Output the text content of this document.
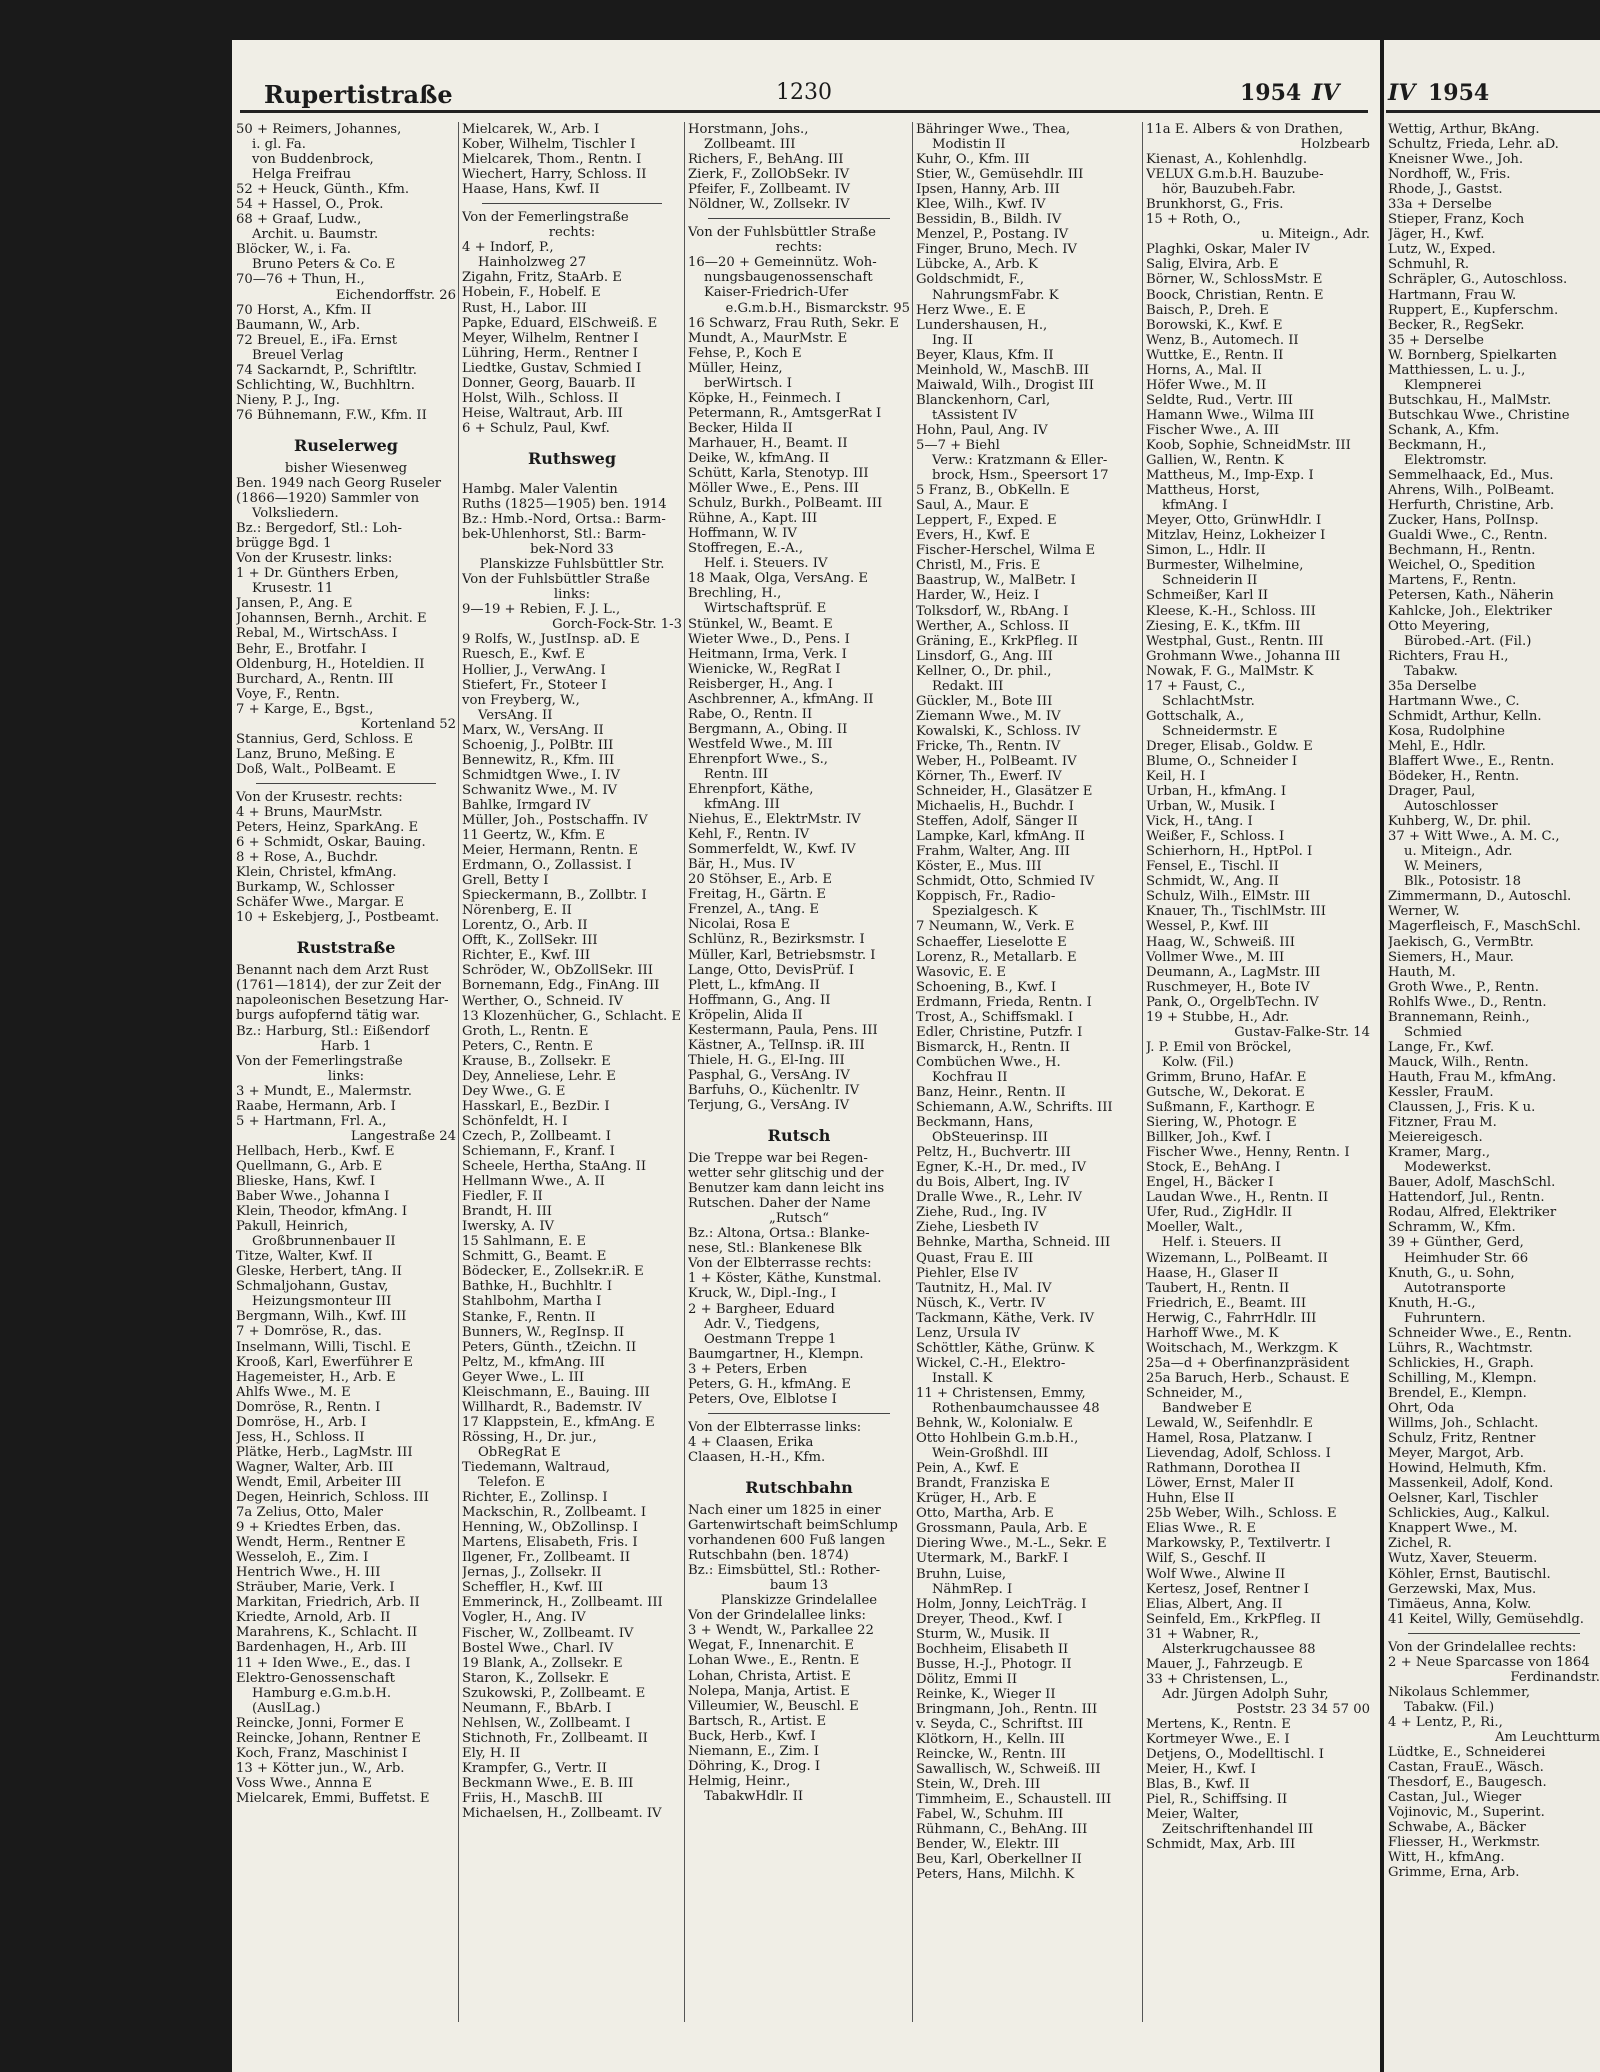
Rupertistraße	1230	1954 IV IV 1954
50 + Reimers, Johannes,
i. gl. Fa.
von Buddenbrock,
Helga Freifrau
52 + Heuck, Günth., Kfm.
54 + Hassel, O., Prok.
68 + Graaf, Ludw.,
Archit. u. Baumstr.
Blöcker, W., i. Fa.
Bruno Peters & Co. E
70—76 + Thun, H.,
Eichendorffstr. 26
70 Horst, A., Kfm. II
Baumann, W., Arb.
72 Breuel, E., iFa. Ernst
Breuel Verlag
74 Sackarndt, P., Schriftltr.
Schlichting, W., Buchhltrn.
Nieny, P. J., Ing.
76 Bühnemann, F.W., Kfm. II
Ruselerweg
bisher Wiesenweg
Ben. 1949 nach Georg Ruseler
(1866—1920) Sammler von
Volksliedern.
Bz.: Bergedorf, Stl.: Loh-
brügge Bgd. 1
Von der Krusestr. links:
1 + Dr. Günthers Erben,
Krusestr. 11
Jansen, P., Ang. E
Johannsen, Bernh., Archit. E
Rebal, M., WirtschAss. I
Behr, E., Brotfahr. I
Oldenburg, H., Hoteldien. II
Burchard, A., Rentn. III
Voye, F., Rentn.
7 + Karge, E., Bgst.,
Kortenland 52
Stannius, Gerd, Schloss. E
Lanz, Bruno, Meßing. E
Doß, Walt., PolBeamt. E
Von der Krusestr. rechts:
4 + Bruns, MaurMstr.
Peters, Heinz, SparkAng. E
6 + Schmidt, Oskar, Bauing.
8 + Rose, A., Buchdr.
Klein, Christel, kfmAng.
Burkamp, W., Schlosser
Schäfer Wwe., Margar. E
10 + Eskebjerg, J., Postbeamt.
Ruststraße
Benannt nach dem Arzt Rust
(1761—1814), der zur Zeit der
napoleonischen Besetzung Har-
burgs aufopfernd tätig war.
Bz.: Harburg, Stl.: Eißendorf
Harb. 1
Von der Femerlingstraße
links:
3 + Mundt, E., Malermstr.
Raabe, Hermann, Arb. I
5 + Hartmann, Frl. A.,
Langestraße 24
Hellbach, Herb., Kwf. E
Quellmann, G., Arb. E
Blieske, Hans, Kwf. I
Baber Wwe., Johanna I
Klein, Theodor, kfmAng. I
Pakull, Heinrich,
Großbrunnenbauer II
Titze, Walter, Kwf. II
Gleske, Herbert, tAng. II
Schmaljohann, Gustav,
Heizungsmonteur III
Bergmann, Wilh., Kwf. III
7 + Domröse, R., das.
Inselmann, Willi, Tischl. E
Krooß, Karl, Ewerführer E
Hagemeister, H., Arb. E
Ahlfs Wwe., M. E
Domröse, R., Rentn. I
Domröse, H., Arb. I
Jess, H., Schloss. II
Plätke, Herb., LagMstr. III
Wagner, Walter, Arb. III
Wendt, Emil, Arbeiter III
Degen, Heinrich, Schloss. III
7a Zelius, Otto, Maler
9 + Kriedtes Erben, das.
Wendt, Herm., Rentner E
Wesseloh, E., Zim. I
Hentrich Wwe., H. III
Sträuber, Marie, Verk. I
Markitan, Friedrich, Arb. II
Kriedte, Arnold, Arb. II
Marahrens, K., Schlacht. II
Bardenhagen, H., Arb. III
11 + Iden Wwe., E., das. I
Elektro-Genossenschaft
Hamburg e.G.m.b.H.
(AuslLag.)
Reincke, Jonni, Former E
Reincke, Johann, Rentner E
Koch, Franz, Maschinist I
13 + Kötter jun., W., Arb.
Voss Wwe., Annna E
Mielcarek, Emmi, Buffetst. E
Mielcarek, W., Arb. I
Kober, Wilhelm, Tischler I
Mielcarek, Thom., Rentn. I
Wiechert, Harry, Schloss. II
Haase, Hans, Kwf. II
Von der Femerlingstraße
rechts:
4 + Indorf, P.,
Hainholzweg 27
Zigahn, Fritz, StaArb. E
Hobein, F., Hobelf. E
Rust, H., Labor. III
Papke, Eduard, ElSchweiß. E
Meyer, Wilhelm, Rentner I
Lühring, Herm., Rentner I
Liedtke, Gustav, Schmied I
Donner, Georg, Bauarb. II
Holst, Wilh., Schloss. II
Heise, Waltraut, Arb. III
6 + Schulz, Paul, Kwf.
Ruthsweg
Hambg. Maler Valentin
Ruths (1825—1905) ben. 1914
Bz.: Hmb.-Nord, Ortsa.: Barm-
bek-Uhlenhorst, Stl.: Barm-
bek-Nord 33
Planskizze Fuhlsbüttler Str.
Von der Fuhlsbüttler Straße
links:
9—19 + Rebien, F. J. L.,
Gorch-Fock-Str. 1-3
9 Rolfs, W., JustInsp. aD. E
Ruesch, E., Kwf. E
Hollier, J., VerwAng. I
Stiefert, Fr., Stoteer I
von Freyberg, W.,
VersAng. II
Marx, W., VersAng. II
Schoenig, J., PolBtr. III
Bennewitz, R., Kfm. III
Schmidtgen Wwe., I. IV
Schwanitz Wwe., M. IV
Bahlke, Irmgard IV
Müller, Joh., Postschaffn. IV
11 Geertz, W., Kfm. E
Meier, Hermann, Rentn. E
Erdmann, O., Zollassist. I
Grell, Betty I
Spieckermann, B., Zollbtr. I
Nörenberg, E. II
Lorentz, O., Arb. II
Offt, K., ZollSekr. III
Richter, E., Kwf. III
Schröder, W., ObZollSekr. III
Bornemann, Edg., FinAng. III
Werther, O., Schneid. IV
13 Klozenhücher, G., Schlacht. E
Groth, L., Rentn. E
Peters, C., Rentn. E
Krause, B., Zollsekr. E
Dey, Anneliese, Lehr. E
Dey Wwe., G. E
Hasskarl, E., BezDir. I
Schönfeldt, H. I
Czech, P., Zollbeamt. I
Schiemann, F., Kranf. I
Scheele, Hertha, StaAng. II
Hellmann Wwe., A. II
Fiedler, F. II
Brandt, H. III
Iwersky, A. IV
15 Sahlmann, E. E
Schmitt, G., Beamt. E
Bödecker, E., Zollsekr.iR. E
Bathke, H., Buchhltr. I
Stahlbohm, Martha I
Stanke, F., Rentn. II
Bunners, W., RegInsp. II
Peters, Günth., tZeichn. II
Peltz, M., kfmAng. III
Geyer Wwe., L. III
Kleischmann, E., Bauing. III
Willhardt, R., Bademstr. IV
17 Klappstein, E., kfmAng. E
Rössing, H., Dr. jur.,
ObRegRat E
Tiedemann, Waltraud,
Telefon. E
Richter, E., Zollinsp. I
Mackschin, R., Zollbeamt. I
Henning, W., ObZollinsp. I
Martens, Elisabeth, Fris. I
Ilgener, Fr., Zollbeamt. II
Jernas, J., Zollsekr. II
Scheffler, H., Kwf. III
Emmerinck, H., Zollbeamt. III
Vogler, H., Ang. IV
Fischer, W., Zollbeamt. IV
Bostel Wwe., Charl. IV
19 Blank, A., Zollsekr. E
Staron, K., Zollsekr. E
Szukowski, P., Zollbeamt. E
Neumann, F., BbArb. I
Nehlsen, W., Zollbeamt. I
Stichnoth, Fr., Zollbeamt. II
Ely, H. II
Krampfer, G., Vertr. II
Beckmann Wwe., E. B. III
Friis, H., MaschB. III
Michaelsen, H., Zollbeamt. IV
Horstmann, Johs.,
Zollbeamt. III
Richers, F., BehAng. III
Zierk, F., ZollObSekr. IV
Pfeifer, F., Zollbeamt. IV
Nöldner, W., Zollsekr. IV
Von der Fuhlsbüttler Straße
rechts:
16—20 + Gemeinnütz. Woh-
nungsbaugenossenschaft
Kaiser-Friedrich-Ufer
e.G.m.b.H., Bismarckstr. 95
16 Schwarz, Frau Ruth, Sekr. E
Mundt, A., MaurMstr. E
Fehse, P., Koch E
Müller, Heinz,
berWirtsch. I
Köpke, H., Feinmech. I
Petermann, R., AmtsgerRat I
Becker, Hilda II
Marhauer, H., Beamt. II
Deike, W., kfmAng. II
Schütt, Karla, Stenotyp. III
Möller Wwe., E., Pens. III
Schulz, Burkh., PolBeamt. III
Rühne, A., Kapt. III
Hoffmann, W. IV
Stoffregen, E.-A.,
Helf. i. Steuers. IV
18 Maak, Olga, VersAng. E
Brechling, H.,
Wirtschaftsprüf. E
Stünkel, W., Beamt. E
Wieter Wwe., D., Pens. I
Heitmann, Irma, Verk. I
Wienicke, W., RegRat I
Reisberger, H., Ang. I
Aschbrenner, A., kfmAng. II
Rabe, O., Rentn. II
Bergmann, A., Obing. II
Westfeld Wwe., M. III
Ehrenpfort Wwe., S.,
Rentn. III
Ehrenpfort, Käthe,
kfmAng. III
Niehus, E., ElektrMstr. IV
Kehl, F., Rentn. IV
Sommerfeldt, W., Kwf. IV
Bär, H., Mus. IV
20 Stöhser, E., Arb. E
Freitag, H., Gärtn. E
Frenzel, A., tAng. E
Nicolai, Rosa E
Schlünz, R., Bezirksmstr. I
Müller, Karl, Betriebsmstr. I
Lange, Otto, DevisPrüf. I
Plett, L., kfmAng. II
Hoffmann, G., Ang. II
Kröpelin, Alida II
Kestermann, Paula, Pens. III
Kästner, A., TelInsp. iR. III
Thiele, H. G., El-Ing. III
Pasphal, G., VersAng. IV
Barfuhs, O., Küchenltr. IV
Terjung, G., VersAng. IV
Rutsch
Die Treppe war bei Regen-
wetter sehr glitschig und der
Benutzer kam dann leicht ins
Rutschen. Daher der Name
„Rutsch“
Bz.: Altona, Ortsa.: Blanke-
nese, Stl.: Blankenese Blk
Von der Elbterrasse rechts:
1 + Köster, Käthe, Kunstmal.
Kruck, W., Dipl.-Ing., I
2 + Bargheer, Eduard
Adr. V., Tiedgens,
Oestmann Treppe 1
Baumgartner, H., Klempn.
3 + Peters, Erben
Peters, G. H., kfmAng. E
Peters, Ove, Elblotse I
Von der Elbterrasse links:
4 + Claasen, Erika
Claasen, H.-H., Kfm.
Rutschbahn
Nach einer um 1825 in einer
Gartenwirtschaft beimSchlump
vorhandenen 600 Fuß langen
Rutschbahn (ben. 1874)
Bz.: Eimsbüttel, Stl.: Rother-
baum 13
Planskizze Grindelallee
Von der Grindelallee links:
3 + Wendt, W., Parkallee 22
Wegat, F., Innenarchit. E
Lohan Wwe., E., Rentn. E
Lohan, Christa, Artist. E
Nolepa, Manja, Artist. E
Villeumier, W., Beuschl. E
Bartsch, R., Artist. E
Buck, Herb., Kwf. I
Niemann, E., Zim. I
Döhring, K., Drog. I
Helmig, Heinr.,
TabakwHdlr. II
Bähringer Wwe., Thea,
Modistin II
Kuhr, O., Kfm. III
Stier, W., Gemüsehdlr. III
Ipsen, Hanny, Arb. III
Klee, Wilh., Kwf. IV
Bessidin, B., Bildh. IV
Menzel, P., Postang. IV
Finger, Bruno, Mech. IV
Lübcke, A., Arb. K
Goldschmidt, F.,
NahrungsmFabr. K
Herz Wwe., E. E
Lundershausen, H.,
Ing. II
Beyer, Klaus, Kfm. II
Meinhold, W., MaschB. III
Maiwald, Wilh., Drogist III
Blanckenhorn, Carl,
tAssistent IV
Hohn, Paul, Ang. IV
5—7 + Biehl
Verw.: Kratzmann & Eller-
brock, Hsm., Speersort 17
5 Franz, B., ObKelln. E
Saul, A., Maur. E
Leppert, F., Exped. E
Evers, H., Kwf. E
Fischer-Herschel, Wilma E
Christl, M., Fris. E
Baastrup, W., MalBetr. I
Harder, W., Heiz. I
Tolksdorf, W., RbAng. I
Werther, A., Schloss. II
Gräning, E., KrkPfleg. II
Linsdorf, G., Ang. III
Kellner, O., Dr. phil.,
Redakt. III
Gückler, M., Bote III
Ziemann Wwe., M. IV
Kowalski, K., Schloss. IV
Fricke, Th., Rentn. IV
Weber, H., PolBeamt. IV
Körner, Th., Ewerf. IV
Schneider, H., Glasätzer E
Michaelis, H., Buchdr. I
Steffen, Adolf, Sänger II
Lampke, Karl, kfmAng. II
Frahm, Walter, Ang. III
Köster, E., Mus. III
Schmidt, Otto, Schmied IV
Koppisch, Fr., Radio-
Spezialgesch. K
7 Neumann, W., Verk. E
Schaeffer, Lieselotte E
Lorenz, R., Metallarb. E
Wasovic, E. E
Schoening, B., Kwf. I
Erdmann, Frieda, Rentn. I
Trost, A., Schiffsmakl. I
Edler, Christine, Putzfr. I
Bismarck, H., Rentn. II
Combüchen Wwe., H.
Kochfrau II
Banz, Heinr., Rentn. II
Schiemann, A.W., Schrifts. III
Beckmann, Hans,
ObSteuerinsp. III
Peltz, H., Buchvertr. III
Egner, K.-H., Dr. med., IV
du Bois, Albert, Ing. IV
Dralle Wwe., R., Lehr. IV
Ziehe, Rud., Ing. IV
Ziehe, Liesbeth IV
Behnke, Martha, Schneid. III
Quast, Frau E. III
Piehler, Else IV
Tautnitz, H., Mal. IV
Nüsch, K., Vertr. IV
Tackmann, Käthe, Verk. IV
Lenz, Ursula IV
Schöttler, Käthe, Grünw. K
Wickel, C.-H., Elektro-
Install. K
11 + Christensen, Emmy,
Rothenbaumchaussee 48
Behnk, W., Kolonialw. E
Otto Hohlbein G.m.b.H.,
Wein-Großhdl. III
Pein, A., Kwf. E
Brandt, Franziska E
Krüger, H., Arb. E
Otto, Martha, Arb. E
Grossmann, Paula, Arb. E
Diering Wwe., M.-L., Sekr. E
Utermark, M., BarkF. I
Bruhn, Luise,
NähmRep. I
Holm, Jonny, LeichTräg. I
Dreyer, Theod., Kwf. I
Sturm, W., Musik. II
Bochheim, Elisabeth II
Busse, H.-J., Photogr. II
Dölitz, Emmi II
Reinke, K., Wieger II
Bringmann, Joh., Rentn. III
v. Seyda, C., Schriftst. III
Klötkorn, H., Kelln. III
Reincke, W., Rentn. III
Sawallisch, W., Schweiß. III
Stein, W., Dreh. III
Timmheim, E., Schaustell. III
Fabel, W., Schuhm. III
Rühmann, C., BehAng. III
Bender, W., Elektr. III
Beu, Karl, Oberkellner II
Peters, Hans, Milchh. K
11a E. Albers & von Drathen,
Holzbearb
Kienast, A., Kohlenhdlg.
VELUX G.m.b.H. Bauzube-
hör, Bauzubeh.Fabr.
Brunkhorst, G., Fris.
15 + Roth, O.,
u. Miteign., Adr.
Plaghki, Oskar, Maler IV
Salig, Elvira, Arb. E
Börner, W., SchlossMstr. E
Boock, Christian, Rentn. E
Baisch, P., Dreh. E
Borowski, K., Kwf. E
Wenz, B., Automech. II
Wuttke, E., Rentn. II
Horns, A., Mal. II
Höfer Wwe., M. II
Seldte, Rud., Vertr. III
Hamann Wwe., Wilma III
Fischer Wwe., A. III
Koob, Sophie, SchneidMstr. III
Gallien, W., Rentn. K
Mattheus, M., Imp-Exp. I
Mattheus, Horst,
kfmAng. I
Meyer, Otto, GrünwHdlr. I
Mitzlav, Heinz, Lokheizer I
Simon, L., Hdlr. II
Burmester, Wilhelmine,
Schneiderin II
Schmeißer, Karl II
Kleese, K.-H., Schloss. III
Ziesing, E. K., tKfm. III
Westphal, Gust., Rentn. III
Grohmann Wwe., Johanna III
Nowak, F. G., MalMstr. K
17 + Faust, C.,
SchlachtMstr.
Gottschalk, A.,
Schneidermstr. E
Dreger, Elisab., Goldw. E
Blume, O., Schneider I
Keil, H. I
Urban, H., kfmAng. I
Urban, W., Musik. I
Vick, H., tAng. I
Weißer, F., Schloss. I
Schierhorn, H., HptPol. I
Fensel, E., Tischl. II
Schmidt, W., Ang. II
Schulz, Wilh., ElMstr. III
Knauer, Th., TischlMstr. III
Wessel, P., Kwf. III
Haag, W., Schweiß. III
Vollmer Wwe., M. III
Deumann, A., LagMstr. III
Ruschmeyer, H., Bote IV
Pank, O., OrgelbTechn. IV
19 + Stubbe, H., Adr.
Gustav-Falke-Str. 14
J. P. Emil von Bröckel,
Kolw. (Fil.)
Grimm, Bruno, HafAr. E
Gutsche, W., Dekorat. E
Sußmann, F., Karthogr. E
Siering, W., Photogr. E
Billker, Joh., Kwf. I
Fischer Wwe., Henny, Rentn. I
Stock, E., BehAng. I
Engel, H., Bäcker I
Laudan Wwe., H., Rentn. II
Ufer, Rud., ZigHdlr. II
Moeller, Walt.,
Helf. i. Steuers. II
Wizemann, L., PolBeamt. II
Haase, H., Glaser II
Taubert, H., Rentn. II
Friedrich, E., Beamt. III
Herwig, C., FahrrHdlr. III
Harhoff Wwe., M. K
Woitschach, M., Werkzgm. K
25a—d + Oberfinanzpräsident
25a Baruch, Herb., Schaust. E
Schneider, M.,
Bandweber E
Lewald, W., Seifenhdlr. E
Hamel, Rosa, Platzanw. I
Lievendag, Adolf, Schloss. I
Rathmann, Dorothea II
Löwer, Ernst, Maler II
Huhn, Else II
25b Weber, Wilh., Schloss. E
Elias Wwe., R. E
Markowsky, P., Textilvertr. I
Wilf, S., Geschf. II
Wolf Wwe., Alwine II
Kertesz, Josef, Rentner I
Elias, Albert, Ang. II
Seinfeld, Em., KrkPfleg. II
31 + Wabner, R.,
Alsterkrugchaussee 88
Mauer, J., Fahrzeugb. E
33 + Christensen, L.,
Adr. Jürgen Adolph Suhr,
Poststr. 23 34 57 00
Mertens, K., Rentn. E
Kortmeyer Wwe., E. I
Detjens, O., Modelltischl. I
Meier, H., Kwf. I
Blas, B., Kwf. II
Piel, R., Schiffsing. II
Meier, Walter,
Zeitschriftenhandel III
Schmidt, Max, Arb. III
Wettig, Arthur, BkAng.
Schultz, Frieda, Lehr. aD.
Kneisner Wwe., Joh.
Nordhoff, W., Fris.
Rhode, J., Gastst.
33a + Derselbe
Stieper, Franz, Koch
Jäger, H., Kwf.
Lutz, W., Exped.
Schmuhl, R.
Schräpler, G., Autoschloss.
Hartmann, Frau W.
Ruppert, E., Kupferschm.
Becker, R., RegSekr.
35 + Derselbe
W. Bornberg, Spielkarten
Matthiessen, L. u. J.,
Klempnerei
Butschkau, H., MalMstr.
Butschkau Wwe., Christine
Schank, A., Kfm.
Beckmann, H.,
Elektromstr.
Semmelhaack, Ed., Mus.
Ahrens, Wilh., PolBeamt.
Herfurth, Christine, Arb.
Zucker, Hans, PolInsp.
Gualdi Wwe., C., Rentn.
Bechmann, H., Rentn.
Weichel, O., Spedition
Martens, F., Rentn.
Petersen, Kath., Näherin
Kahlcke, Joh., Elektriker
Otto Meyering,
Bürobed.-Art. (Fil.)
Richters, Frau H.,
Tabakw.
35a Derselbe
Hartmann Wwe., C.
Schmidt, Arthur, Kelln.
Kosa, Rudolphine
Mehl, E., Hdlr.
Blaffert Wwe., E., Rentn.
Bödeker, H., Rentn.
Drager, Paul,
Autoschlosser
Kuhberg, W., Dr. phil.
37 + Witt Wwe., A. M. C.,
u. Miteign., Adr.
W. Meiners,
Blk., Potosistr. 18
Zimmermann, D., Autoschl.
Werner, W.
Magerfleisch, F., MaschSchl.
Jaekisch, G., VermBtr.
Siemers, H., Maur.
Hauth, M.
Groth Wwe., P., Rentn.
Rohlfs Wwe., D., Rentn.
Brannemann, Reinh.,
Schmied
Lange, Fr., Kwf.
Mauck, Wilh., Rentn.
Hauth, Frau M., kfmAng.
Kessler, FrauM.
Claussen, J., Fris. K u.
Fitzner, Frau M.
Meiereigesch.
Kramer, Marg.,
Modewerkst.
Bauer, Adolf, MaschSchl.
Hattendorf, Jul., Rentn.
Rodau, Alfred, Elektriker
Schramm, W., Kfm.
39 + Günther, Gerd,
Heimhuder Str. 66
Knuth, G., u. Sohn,
Autotransporte
Knuth, H.-G.,
Fuhruntern.
Schneider Wwe., E., Rentn.
Lührs, R., Wachtmstr.
Schlickies, H., Graph.
Schilling, M., Klempn.
Brendel, E., Klempn.
Ohrt, Oda
Willms, Joh., Schlacht.
Schulz, Fritz, Rentner
Meyer, Margot, Arb.
Howind, Helmuth, Kfm.
Massenkeil, Adolf, Kond.
Oelsner, Karl, Tischler
Schlickies, Aug., Kalkul.
Knappert Wwe., M.
Zichel, R.
Wutz, Xaver, Steuerm.
Köhler, Ernst, Bautischl.
Gerzewski, Max, Mus.
Timäeus, Anna, Kolw.
41 Keitel, Willy, Gemüsehdlg.
Von der Grindelallee rechts:
2 + Neue Sparcasse von 1864
Ferdinandstr.
Nikolaus Schlemmer,
Tabakw. (Fil.)
4 + Lentz, P., Ri.,
Am Leuchtturm
Lüdtke, E., Schneiderei
Castan, FrauE., Wäsch.
Thesdorf, E., Baugesch.
Castan, Jul., Wieger
Vojinovic, M., Superint.
Schwabe, A., Bäcker
Fliesser, H., Werkmstr.
Witt, H., kfmAng.
Grimme, Erna, Arb.
